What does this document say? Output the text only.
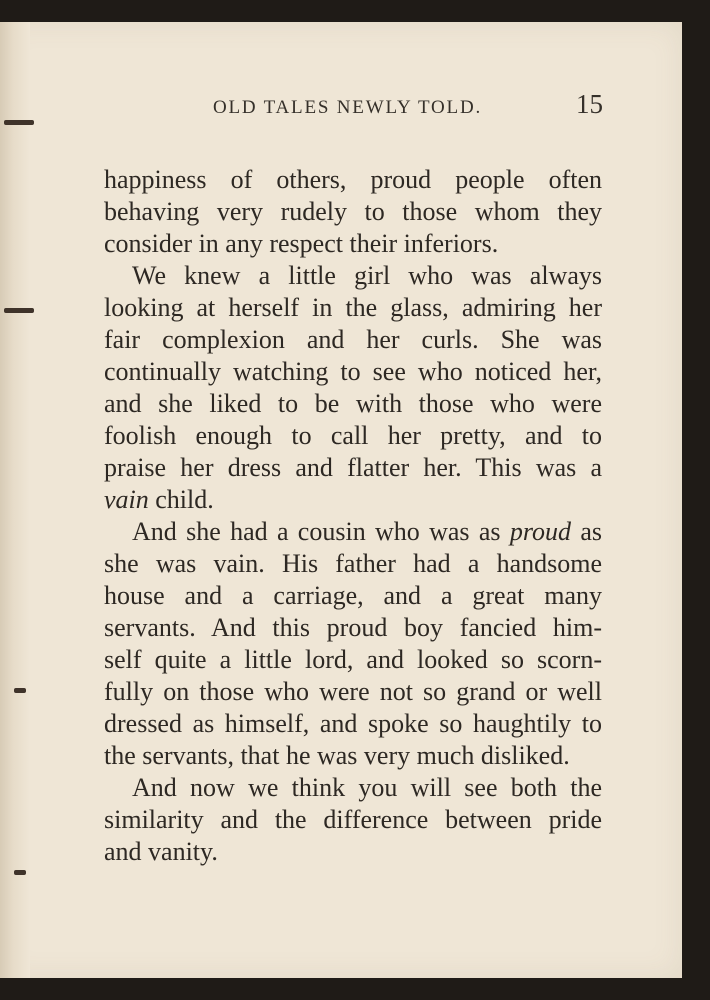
OLD TALES NEWLY TOLD.	15
happiness of others, proud people often
behaving very rudely to those whom they
consider in any respect their inferiors.
We knew a little girl who was always
looking at herself in the glass, admiring her
fair complexion and her curls. She was
continually watching to see who noticed her,
and she liked to be with those who were
foolish enough to call her pretty, and to
praise her dress and flatter her. This was a
vain child.
And she had a cousin who was as proud as
she was vain. His father had a handsome
house and a carriage, and a great many
servants. And this proud boy fancied him-
self quite a little lord, and looked so scorn-
fully on those who were not so grand or well
dressed as himself, and spoke so haughtily to
the servants, that he was very much disliked.
And now we think you will see both the
similarity and the difference between pride
and vanity.
